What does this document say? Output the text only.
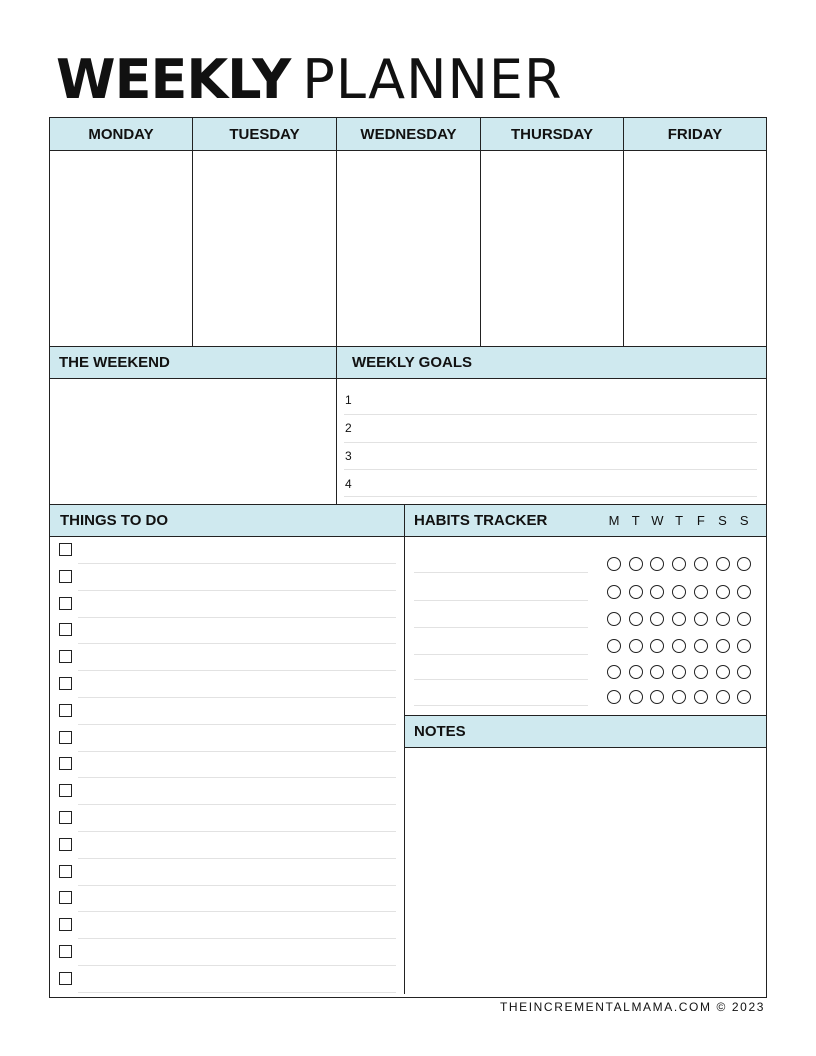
WEEKLY PLANNER
MONDAY	TUESDAY	WEDNESDAY	THURSDAY	FRIDAY
THE WEEKEND	WEEKLY GOALS
1
2
3
4
THINGS TO DO	HABITS TRACKER
NOTES
M T W T F S S
THEINCREMENTALMAMA.COM © 2023
